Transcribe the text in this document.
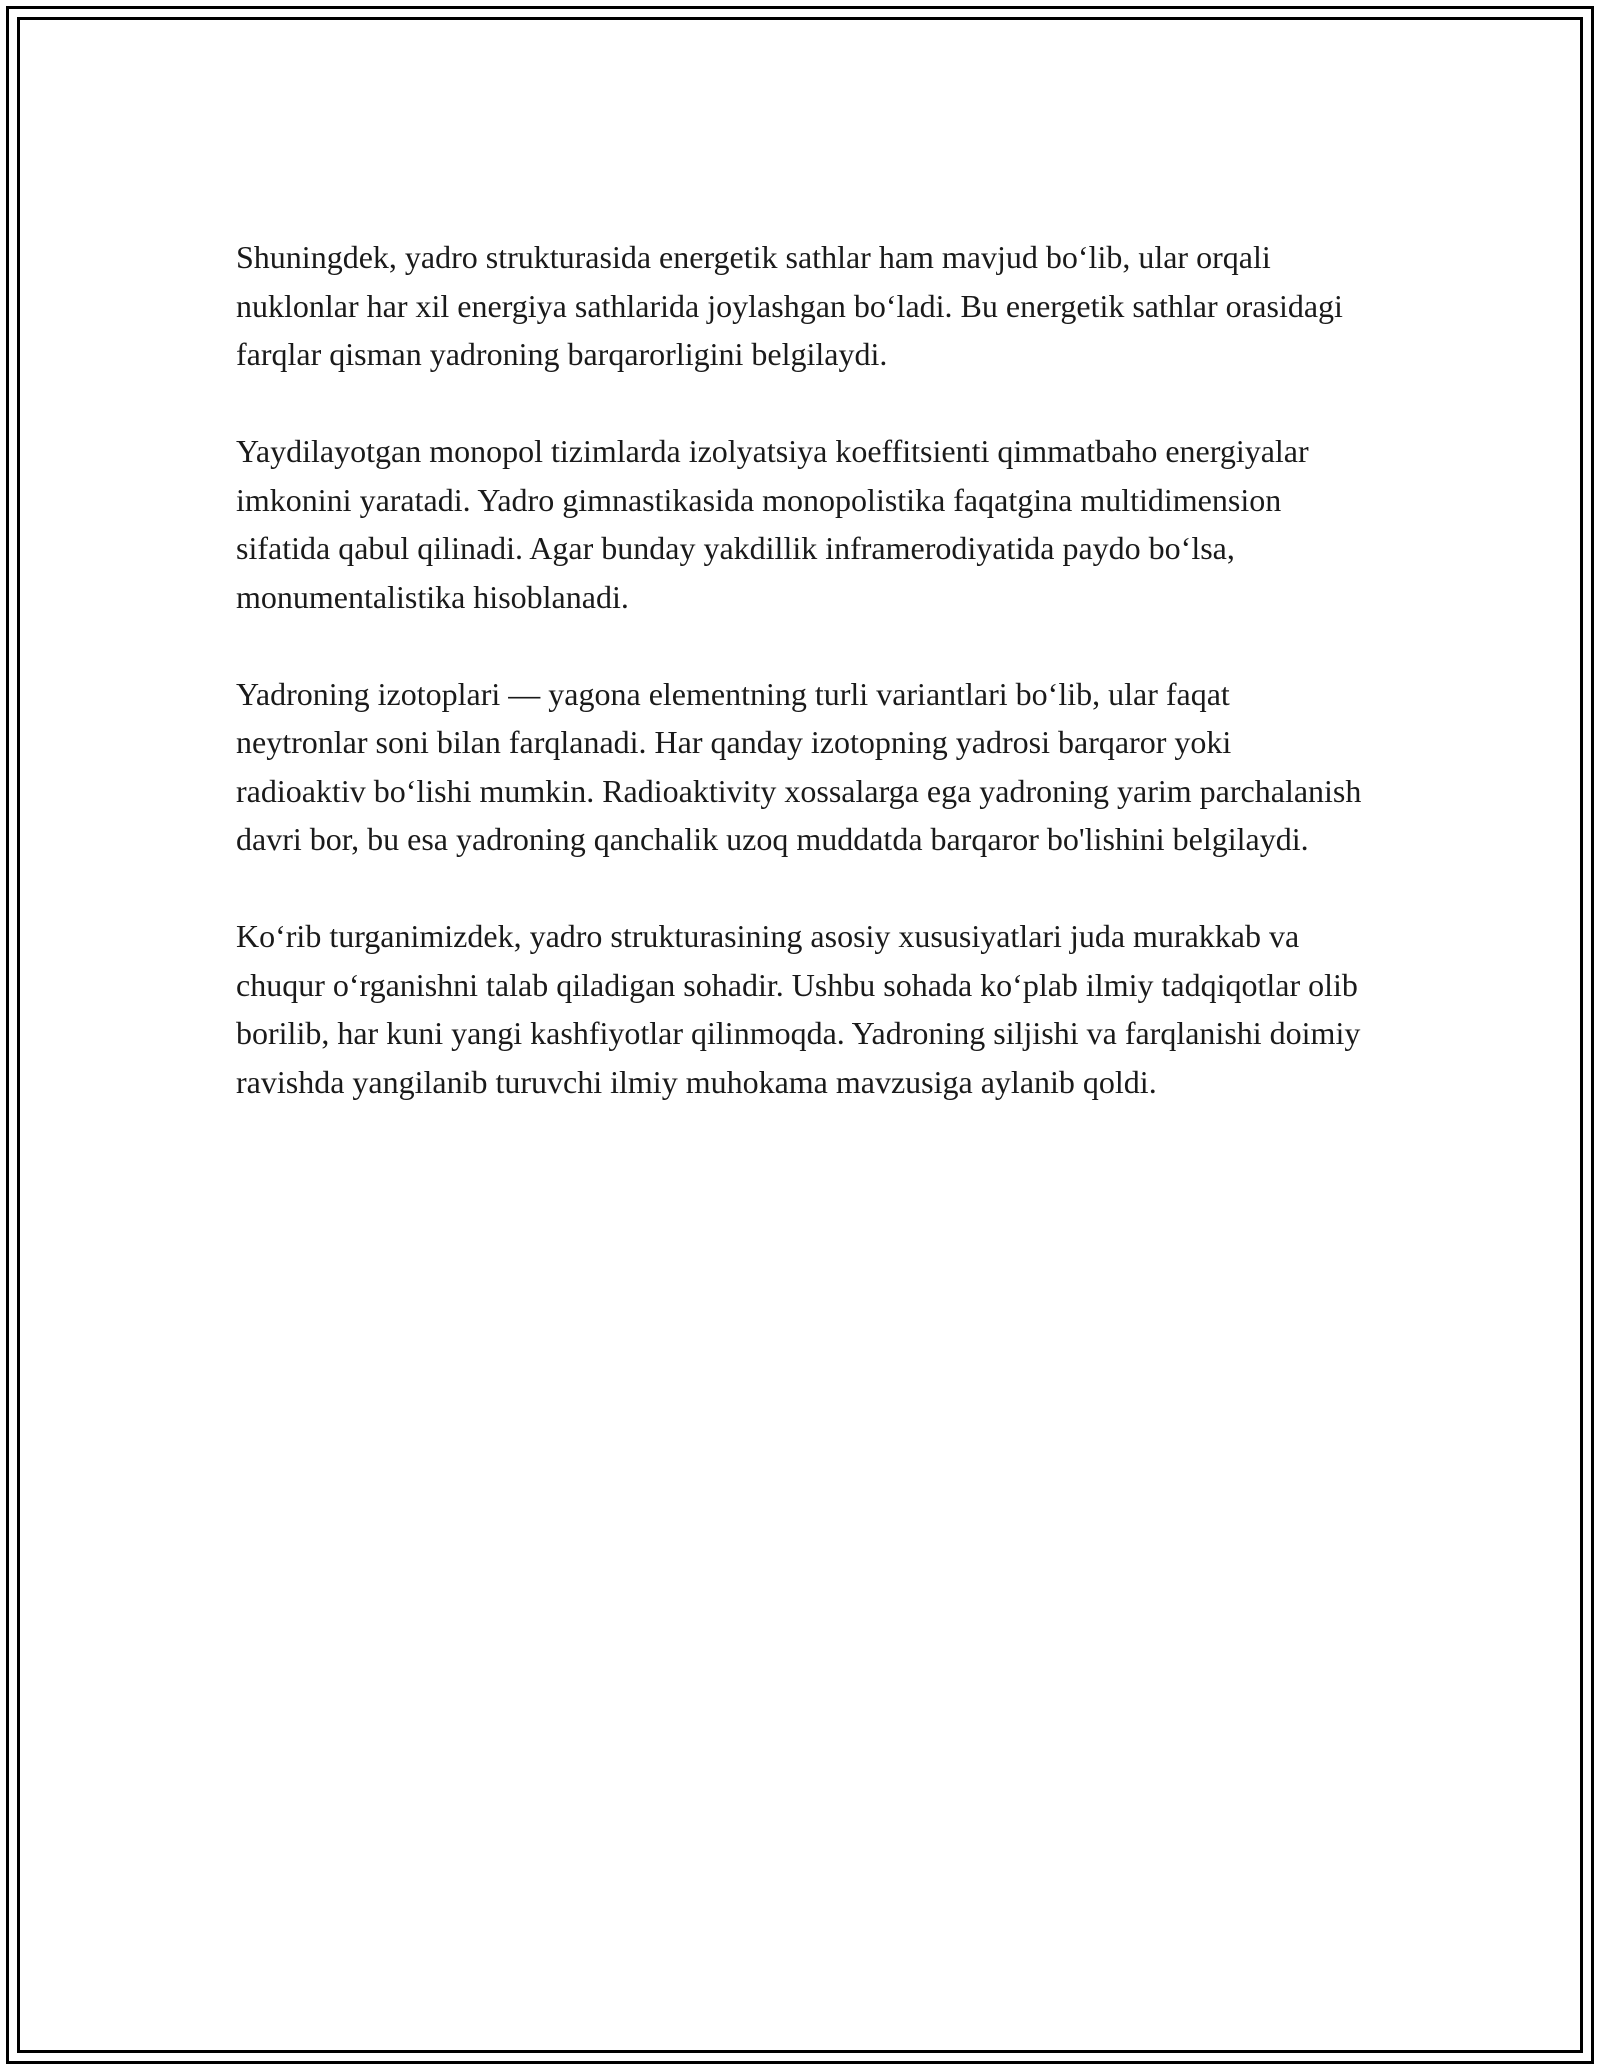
Shuningdek, yadro strukturasida energetik sathlar ham mavjud bo‘lib, ular orqali nuklonlar har xil energiya sathlarida joylashgan bo‘ladi. Bu energetik sathlar orasidagi farqlar qisman yadroning barqarorligini belgilaydi.

Yaydilayotgan monopol tizimlarda izolyatsiya koeffitsienti qimmatbaho energiyalar imkonini yaratadi. Yadro gimnastikasida monopolistika faqatgina multidimension sifatida qabul qilinadi. Agar bunday yakdillik inframerodiyatida paydo bo‘lsa, monumentalistika hisoblanadi.

Yadroning izotoplari — yagona elementning turli variantlari bo‘lib, ular faqat neytronlar soni bilan farqlanadi. Har qanday izotopning yadrosi barqaror yoki radioaktiv bo‘lishi mumkin. Radioaktivity xossalarga ega yadroning yarim parchalanish davri bor, bu esa yadroning qanchalik uzoq muddatda barqaror bo'lishini belgilaydi.

Ko‘rib turganimizdek, yadro strukturasining asosiy xususiyatlari juda murakkab va chuqur o‘rganishni talab qiladigan sohadir. Ushbu sohada ko‘plab ilmiy tadqiqotlar olib borilib, har kuni yangi kashfiyotlar qilinmoqda. Yadroning siljishi va farqlanishi doimiy ravishda yangilanib turuvchi ilmiy muhokama mavzusiga aylanib qoldi.
